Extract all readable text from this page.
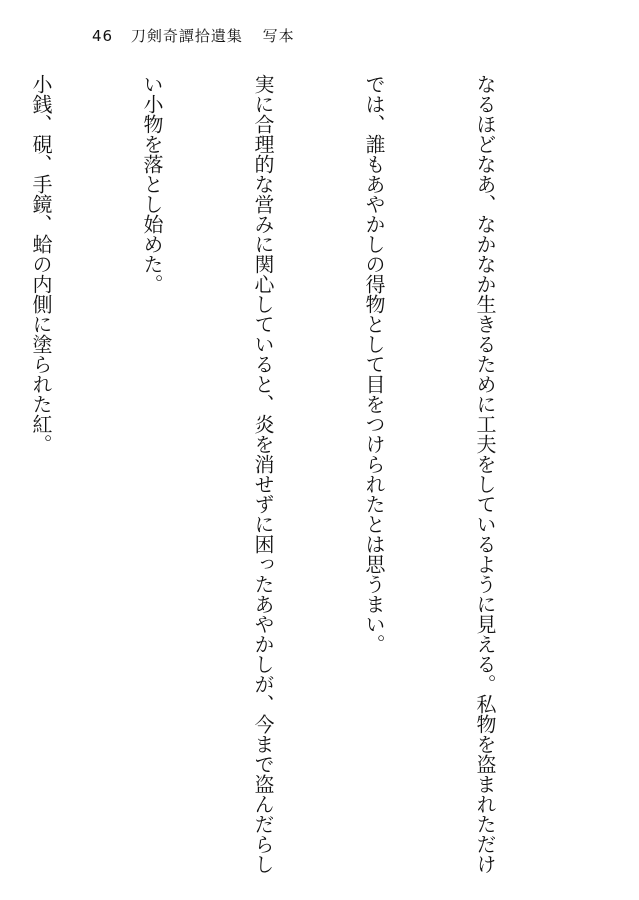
46 刀剣奇譚拾遺集 写本

なるほどなあ、なかなか生きるために工夫をしているように見える。私物を盗まれただけ

では、誰もあやかしの得物として目をつけられたとは思うまい。

実に合理的な営みに関心していると、炎を消せずに困ったあやかしが、今まで盗んだらし

い小物を落とし始めた。

小銭、硯、手鏡、蛤の内側に塗られた紅。
